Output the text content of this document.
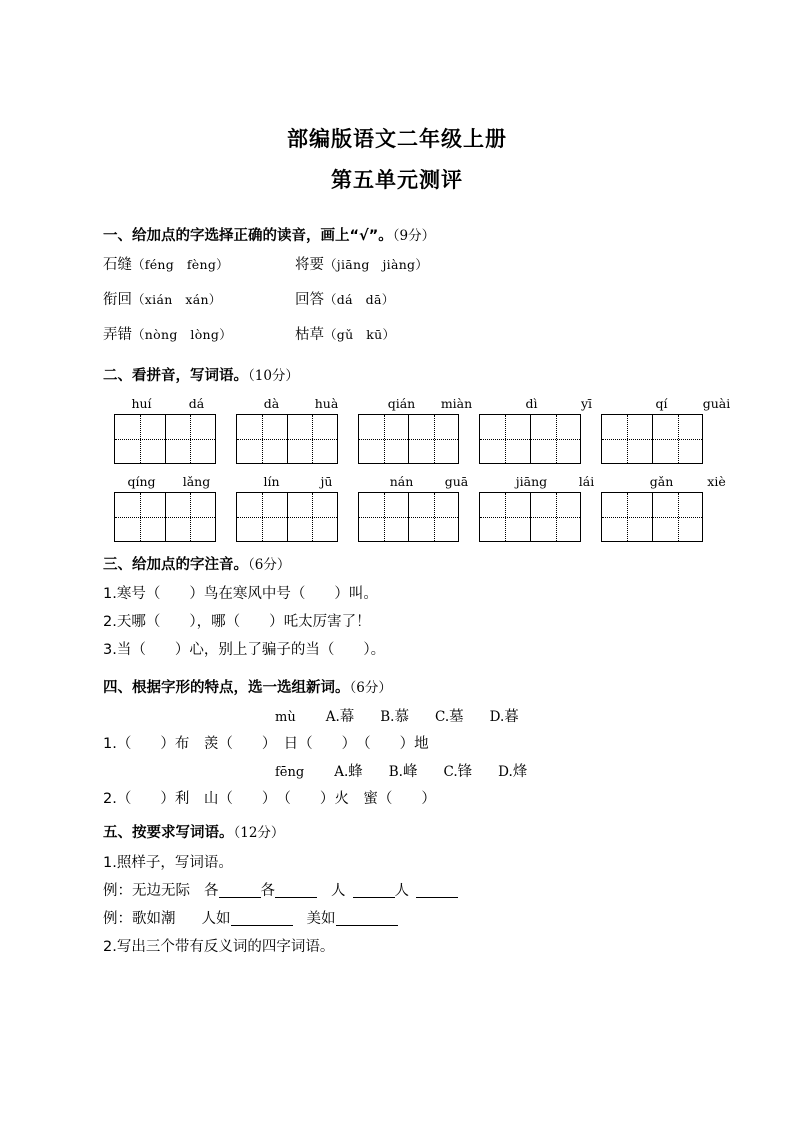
部编版语文二年级上册
第五单元测评
一、给加点的字选择正确的读音，画上“√”。（9分）
石缝（féng　fèng）	将要（jiāng　jiàng）
衔回（xián　xán）	回答（dá　dā）
弄错（nòng　lòng）	枯草（gǔ　kū）
二、看拼音，写词语。（10分）
huí	dá	dà	huà	qián	miàn	dì	yī	qí	guài
qíng	lǎng	lín	jū	nán	guā	jiāng	lái	gǎn	xiè
三、给加点的字注音。（6分）
1.寒号（　　）鸟在寒风中号（　　）叫。
2.天哪（　　），哪（　　）吒太厉害了！
3.当（　　）心，别上了骗子的当（　　）。
四、根据字形的特点，选一选组新词。（6分）
mù A.幕 B.慕 C.墓 D.暮
1.（　　）布　羡（　　）　日（　　）　（　　）地
fēng A.蜂 B.峰 C.锋 D.烽
2.（　　）利　山（　　）　（　　）火　蜜（　　）
五、按要求写词语。（12分）
1.照样子，写词语。
例：无边无际 各	各	人	人
例：歌如潮 人如	美如
2.写出三个带有反义词的四字词语。
